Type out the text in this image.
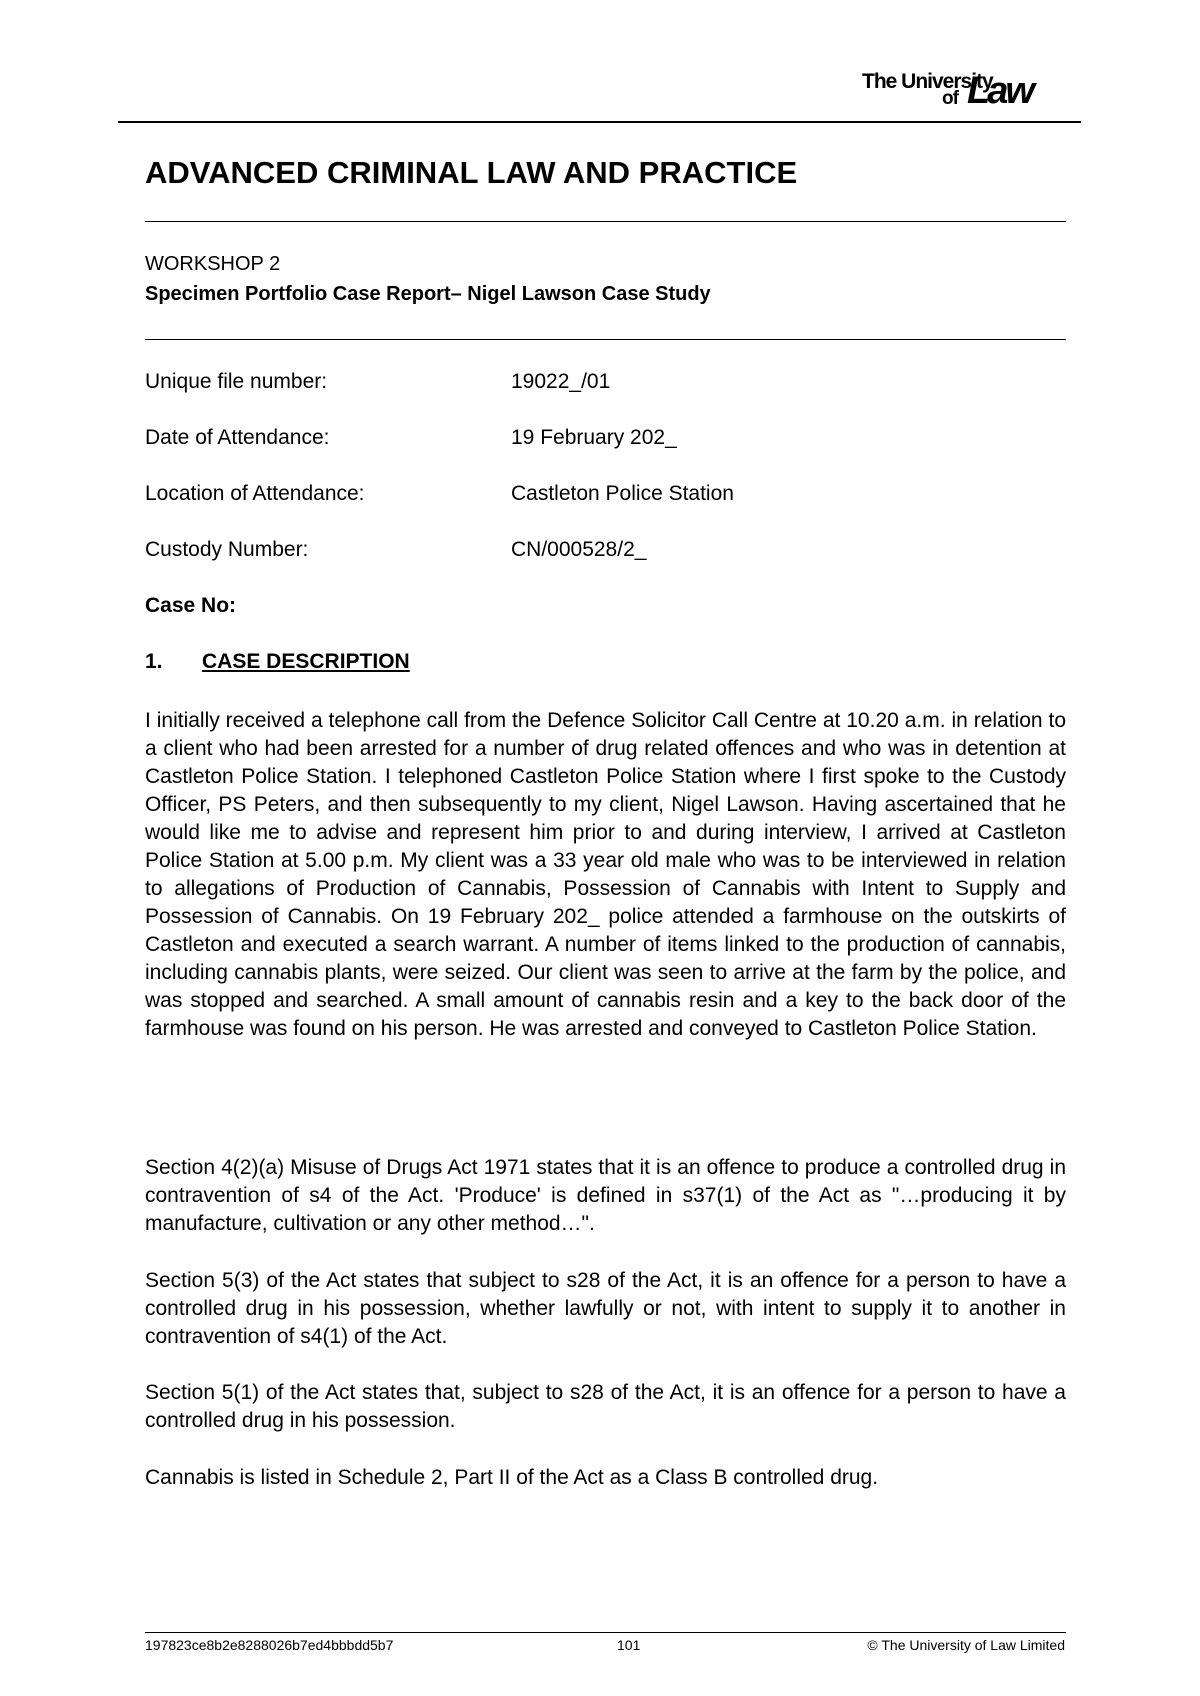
The University
of Law
ADVANCED CRIMINAL LAW AND PRACTICE
WORKSHOP 2
Specimen Portfolio Case Report– Nigel Lawson Case Study
Unique file number:	19022_/01
Date of Attendance:	19 February 202_
Location of Attendance:	Castleton Police Station
Custody Number:	CN/000528/2_
Case No:
1. CASE DESCRIPTION

I initially received a telephone call from the Defence Solicitor Call Centre at 10.20 a.m. in relation to a client who had been arrested for a number of drug related offences and who was in detention at Castleton Police Station. I telephoned Castleton Police Station where I first spoke to the Custody Officer, PS Peters, and then subsequently to my client, Nigel Lawson. Having ascertained that he would like me to advise and represent him prior to and during interview, I arrived at Castleton Police Station at 5.00 p.m. My client was a 33 year old male who was to be interviewed in relation to allegations of Production of Cannabis, Possession of Cannabis with Intent to Supply and Possession of Cannabis. On 19 February 202_ police attended a farmhouse on the outskirts of Castleton and executed a search warrant. A number of items linked to the production of cannabis, including cannabis plants, were seized. Our client was seen to arrive at the farm by the police, and was stopped and searched. A small amount of cannabis resin and a key to the back door of the farmhouse was found on his person. He was arrested and conveyed to Castleton Police Station.

Section 4(2)(a) Misuse of Drugs Act 1971 states that it is an offence to produce a controlled drug in contravention of s4 of the Act. 'Produce' is defined in s37(1) of the Act as "…producing it by manufacture, cultivation or any other method…".

Section 5(3) of the Act states that subject to s28 of the Act, it is an offence for a person to have a controlled drug in his possession, whether lawfully or not, with intent to supply it to another in contravention of s4(1) of the Act.

Section 5(1) of the Act states that, subject to s28 of the Act, it is an offence for a person to have a controlled drug in his possession.

Cannabis is listed in Schedule 2, Part II of the Act as a Class B controlled drug.

197823ce8b2e8288026b7ed4bbbdd5b7	101	© The University of Law Limited
